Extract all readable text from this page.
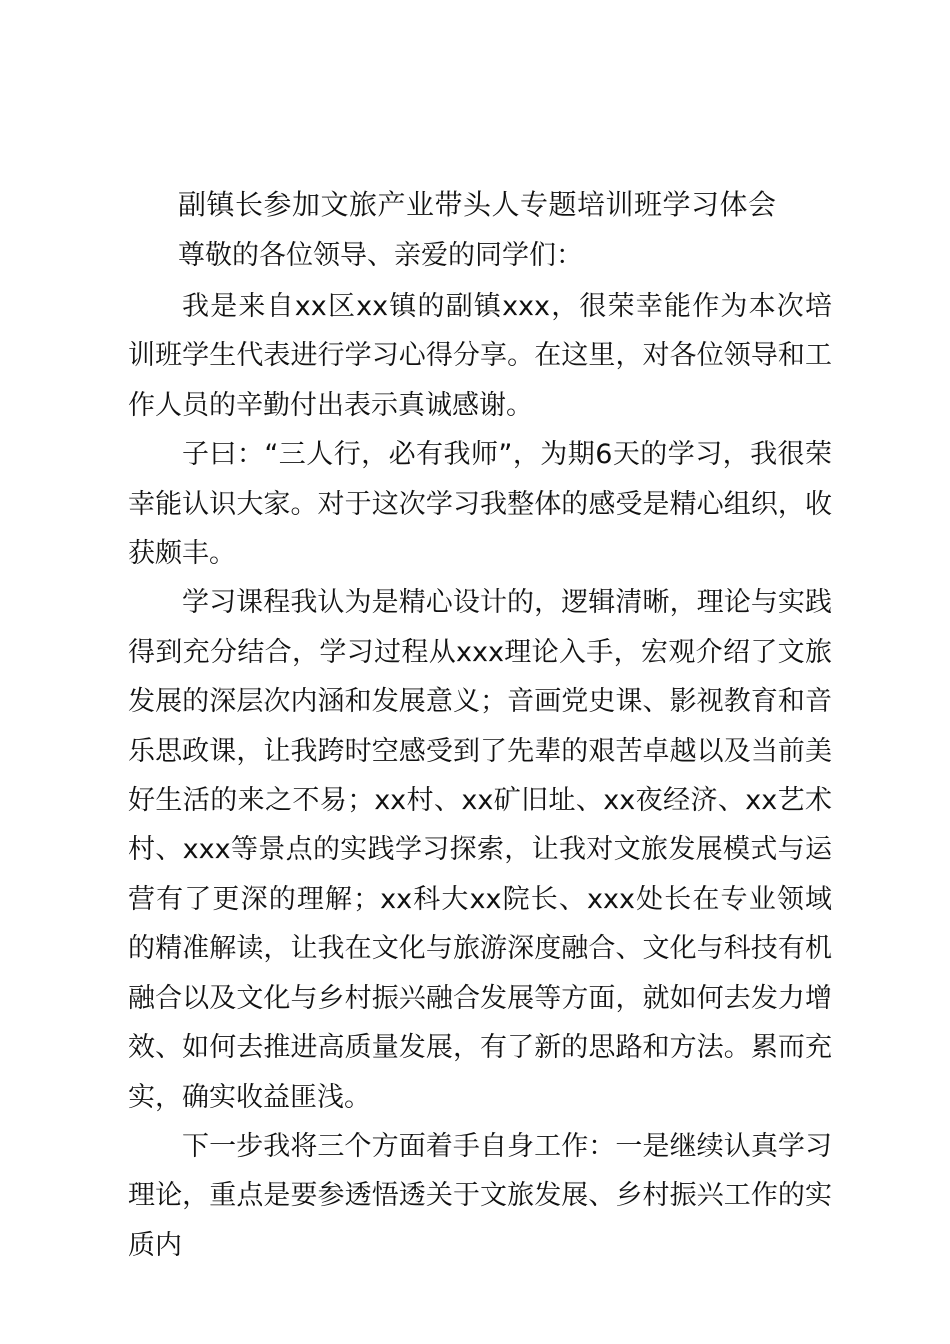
副镇长参加文旅产业带头人专题培训班学习体会
尊敬的各位领导、亲爱的同学们：

我是来自xx区xx镇的副镇xxx，很荣幸能作为本次培训班学生代表进行学习心得分享。在这里，对各位领导和工作人员的辛勤付出表示真诚感谢。

子曰：“三人行，必有我师”，为期6天的学习，我很荣幸能认识大家。对于这次学习我整体的感受是精心组织，收获颇丰。

学习课程我认为是精心设计的，逻辑清晰，理论与实践得到充分结合，学习过程从xxx理论入手，宏观介绍了文旅发展的深层次内涵和发展意义；音画党史课、影视教育和音乐思政课，让我跨时空感受到了先辈的艰苦卓越以及当前美好生活的来之不易；xx村、xx矿旧址、xx夜经济、xx艺术村、xxx等景点的实践学习探索，让我对文旅发展模式与运营有了更深的理解；xx科大xx院长、xxx处长在专业领域的精准解读，让我在文化与旅游深度融合、文化与科技有机融合以及文化与乡村振兴融合发展等方面，就如何去发力增效、如何去推进高质量发展，有了新的思路和方法。累而充实，确实收益匪浅。

下一步我将三个方面着手自身工作：一是继续认真学习理论，重点是要参透悟透关于文旅发展、乡村振兴工作的实质内
